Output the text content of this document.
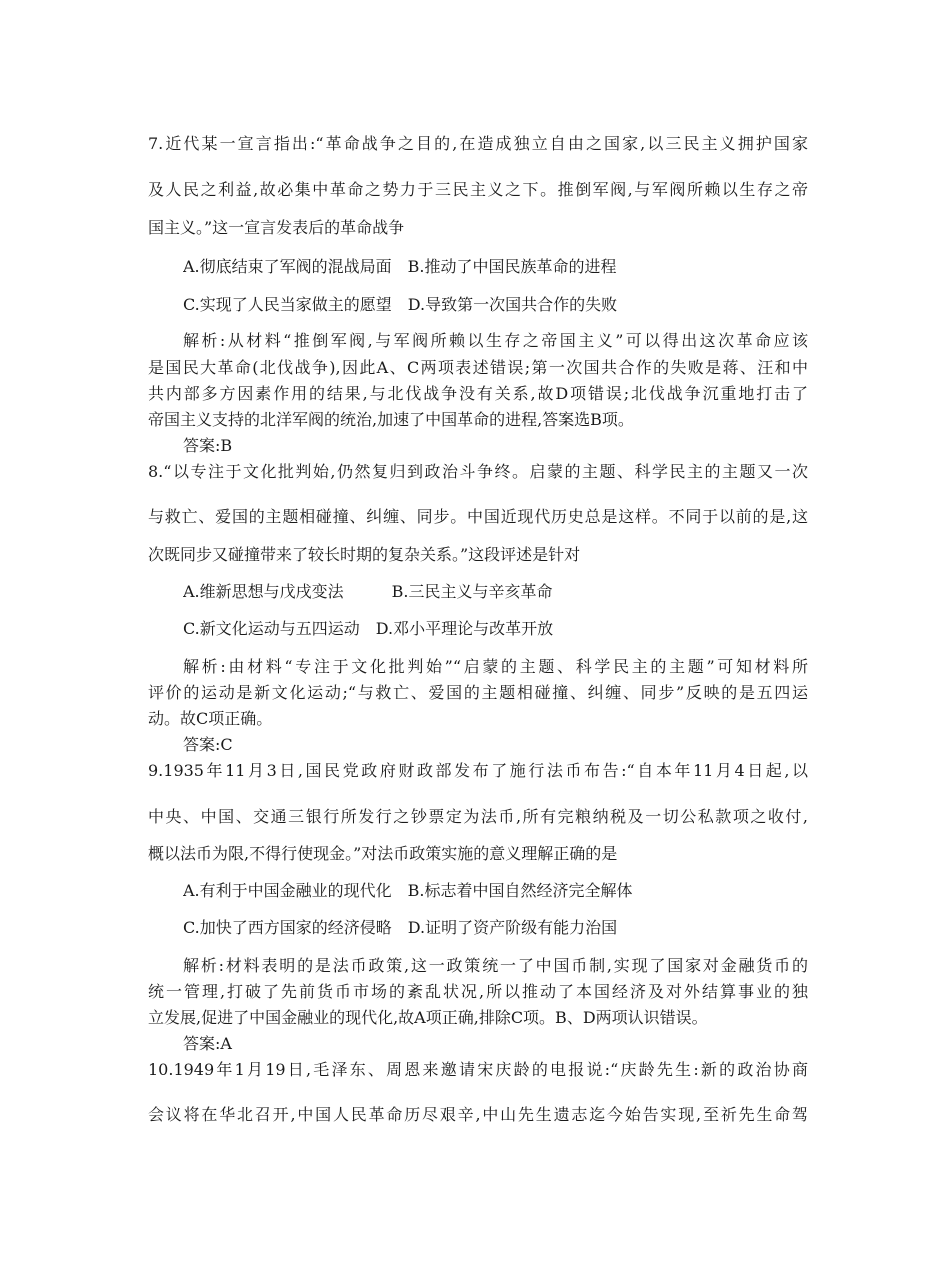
7.近代某一宣言指出:“革命战争之目的,在造成独立自由之国家,以三民主义拥护国家
及人民之利益,故必集中革命之势力于三民主义之下。推倒军阀,与军阀所赖以生存之帝
国主义。”这一宣言发表后的革命战争
A.彻底结束了军阀的混战局面　B.推动了中国民族革命的进程
C.实现了人民当家做主的愿望　D.导致第一次国共合作的失败
解析:从材料“推倒军阀,与军阀所赖以生存之帝国主义”可以得出这次革命应该
是国民大革命(北伐战争),因此A、C两项表述错误;第一次国共合作的失败是蒋、汪和中
共内部多方因素作用的结果,与北伐战争没有关系,故D项错误;北伐战争沉重地打击了
帝国主义支持的北洋军阀的统治,加速了中国革命的进程,答案选B项。
答案:B
8.“以专注于文化批判始,仍然复归到政治斗争终。启蒙的主题、科学民主的主题又一次
与救亡、爱国的主题相碰撞、纠缠、同步。中国近现代历史总是这样。不同于以前的是,这
次既同步又碰撞带来了较长时期的复杂关系。”这段评述是针对
A.维新思想与戊戌变法　　　B.三民主义与辛亥革命
C.新文化运动与五四运动　D.邓小平理论与改革开放
解析:由材料“专注于文化批判始”“启蒙的主题、科学民主的主题”可知材料所
评价的运动是新文化运动;“与救亡、爱国的主题相碰撞、纠缠、同步”反映的是五四运
动。故C项正确。
答案:C
9.1935年11月3日,国民党政府财政部发布了施行法币布告:“自本年11月4日起,以
中央、中国、交通三银行所发行之钞票定为法币,所有完粮纳税及一切公私款项之收付,
概以法币为限,不得行使现金。”对法币政策实施的意义理解正确的是
A.有利于中国金融业的现代化　B.标志着中国自然经济完全解体
C.加快了西方国家的经济侵略　D.证明了资产阶级有能力治国
解析:材料表明的是法币政策,这一政策统一了中国币制,实现了国家对金融货币的
统一管理,打破了先前货币市场的紊乱状况,所以推动了本国经济及对外结算事业的独
立发展,促进了中国金融业的现代化,故A项正确,排除C项。B、D两项认识错误。
答案:A
10.1949年1月19日,毛泽东、周恩来邀请宋庆龄的电报说:“庆龄先生:新的政治协商
会议将在华北召开,中国人民革命历尽艰辛,中山先生遗志迄今始告实现,至祈先生命驾
